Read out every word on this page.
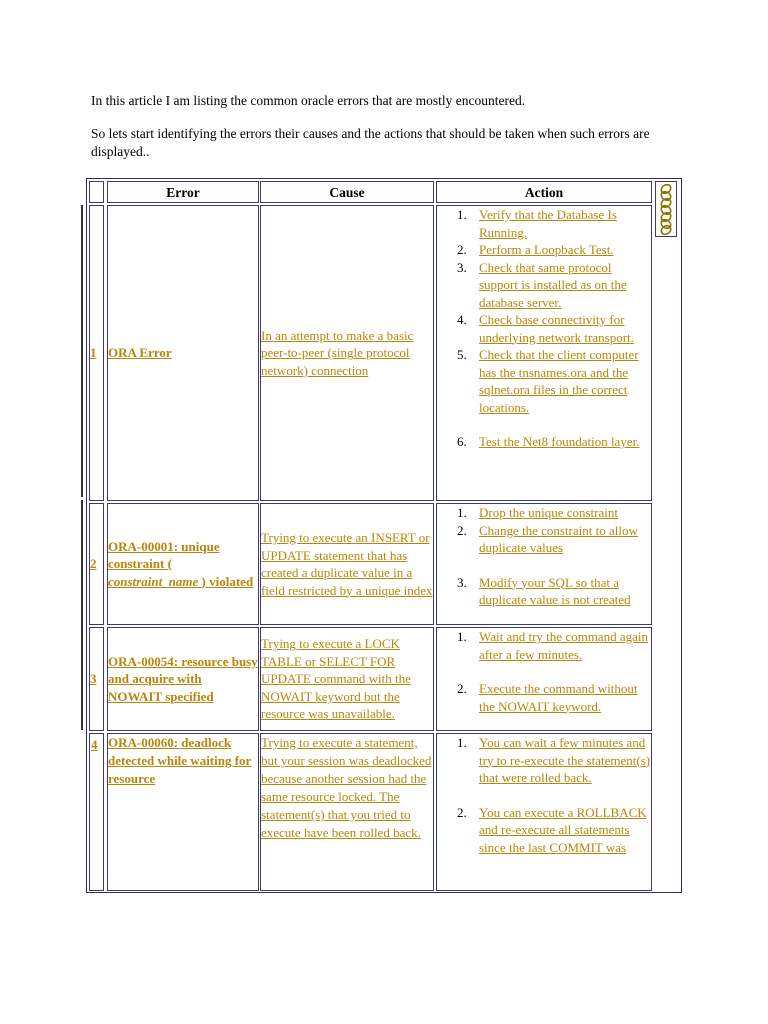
In this article I am listing the common oracle errors that are mostly encountered.

So lets start identifying the errors their causes and the actions that should be taken when such errors are displayed..

Error	Cause	Action
1 ORA Error
In an attempt to make a basic peer-to-peer (single protocol network) connection
1. Verify that the Database Is Running.
2. Perform a Loopback Test.
3. Check that same protocol support is installed as on the database server.
4. Check base connectivity for underlying network transport.
5. Check that the client computer has the tnsnames.ora and the sqlnet.ora files in the correct locations.
6. Test the Net8 foundation layer.
2
ORA-00001: unique constraint ( constraint_name ) violated
Trying to execute an INSERT or UPDATE statement that has created a duplicate value in a field restricted by a unique index
1. Drop the unique constraint
2. Change the constraint to allow duplicate values
3. Modify your SQL so that a duplicate value is not created
3
ORA-00054: resource busy and acquire with NOWAIT specified
Trying to execute a LOCK TABLE or SELECT FOR UPDATE command with the NOWAIT keyword but the resource was unavailable.
1. Wait and try the command again after a few minutes.
2. Execute the command without the NOWAIT keyword.
4 ORA-00060: deadlock detected while waiting for resource
Trying to execute a statement, but your session was deadlocked because another session had the same resource locked. The statement(s) that you tried to execute have been rolled back.
1. You can wait a few minutes and try to re-execute the statement(s) that were rolled back.
2. You can execute a ROLLBACK and re-execute all statements since the last COMMIT was
